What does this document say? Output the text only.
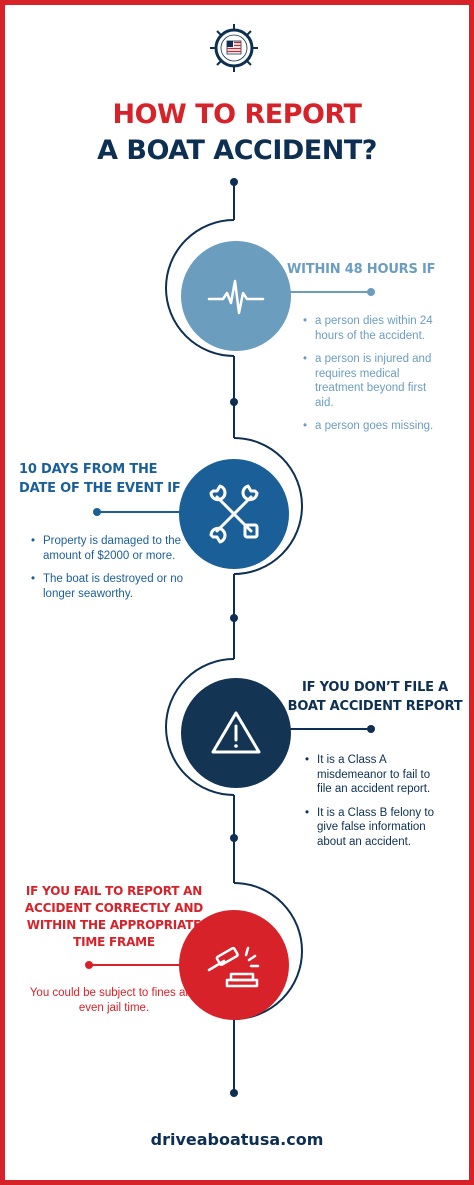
HOW TO REPORT
A BOAT ACCIDENT?
WITHIN 48 HOURS IF
• a person dies within 24 hours of the accident.
• a person is injured and requires medical treatment beyond first aid.
• a person goes missing.
10 DAYS FROM THE
DATE OF THE EVENT IF
• Property is damaged to the amount of $2000 or more.
• The boat is destroyed or no longer seaworthy.
IF YOU DON’T FILE A
BOAT ACCIDENT REPORT
• It is a Class A misdemeanor to fail to file an accident report.
• It is a Class B felony to give false information about an accident.
IF YOU FAIL TO REPORT AN
ACCIDENT CORRECTLY AND
WITHIN THE APPROPRIATE
TIME FRAME
You could be subject to fines and even jail time.
driveaboatusa.com
